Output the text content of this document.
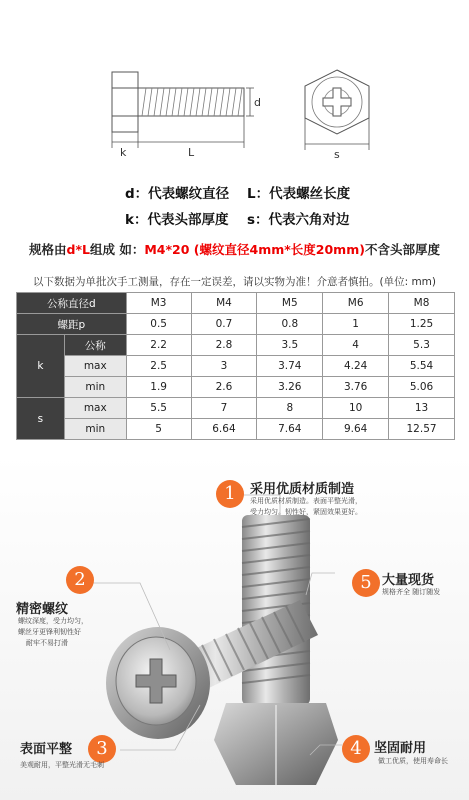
d
k	L	s
d：代表螺纹直径 L：代表螺丝长度
k：代表头部厚度 s：代表六角对边
规格由d*L组成 如：M4*20 (螺纹直径4mm*长度20mm)不含头部厚度
以下数据为单批次手工测量，存在一定误差，请以实物为准！介意者慎拍。(单位: mm)
公称直径d		M3	M4	M5	M6	M8
螺距p		0.5	0.7	0.8	1	1.25
k	公称	2.2	2.8	3.5	4	5.3
	max	2.5	3	3.74	4.24	5.54
	min	1.9	2.6	3.26	3.76	5.06
s	max	5.5	7	8	10	13
	min	5	6.64	7.64	9.64	12.57
1	采用优质材质制造
采用优质材质制造。表面平整光滑，
受力均匀。韧性好，紧固效果更好。
2
精密螺纹
螺纹深度，受力均匀，
螺丝牙更锋利韧性好
耐牢不易打滑
5 大量现货
规格齐全 随订随发
表面平整	3
美观耐用，平整光滑无毛刺
4 坚固耐用
做工优质，使用寿命长
